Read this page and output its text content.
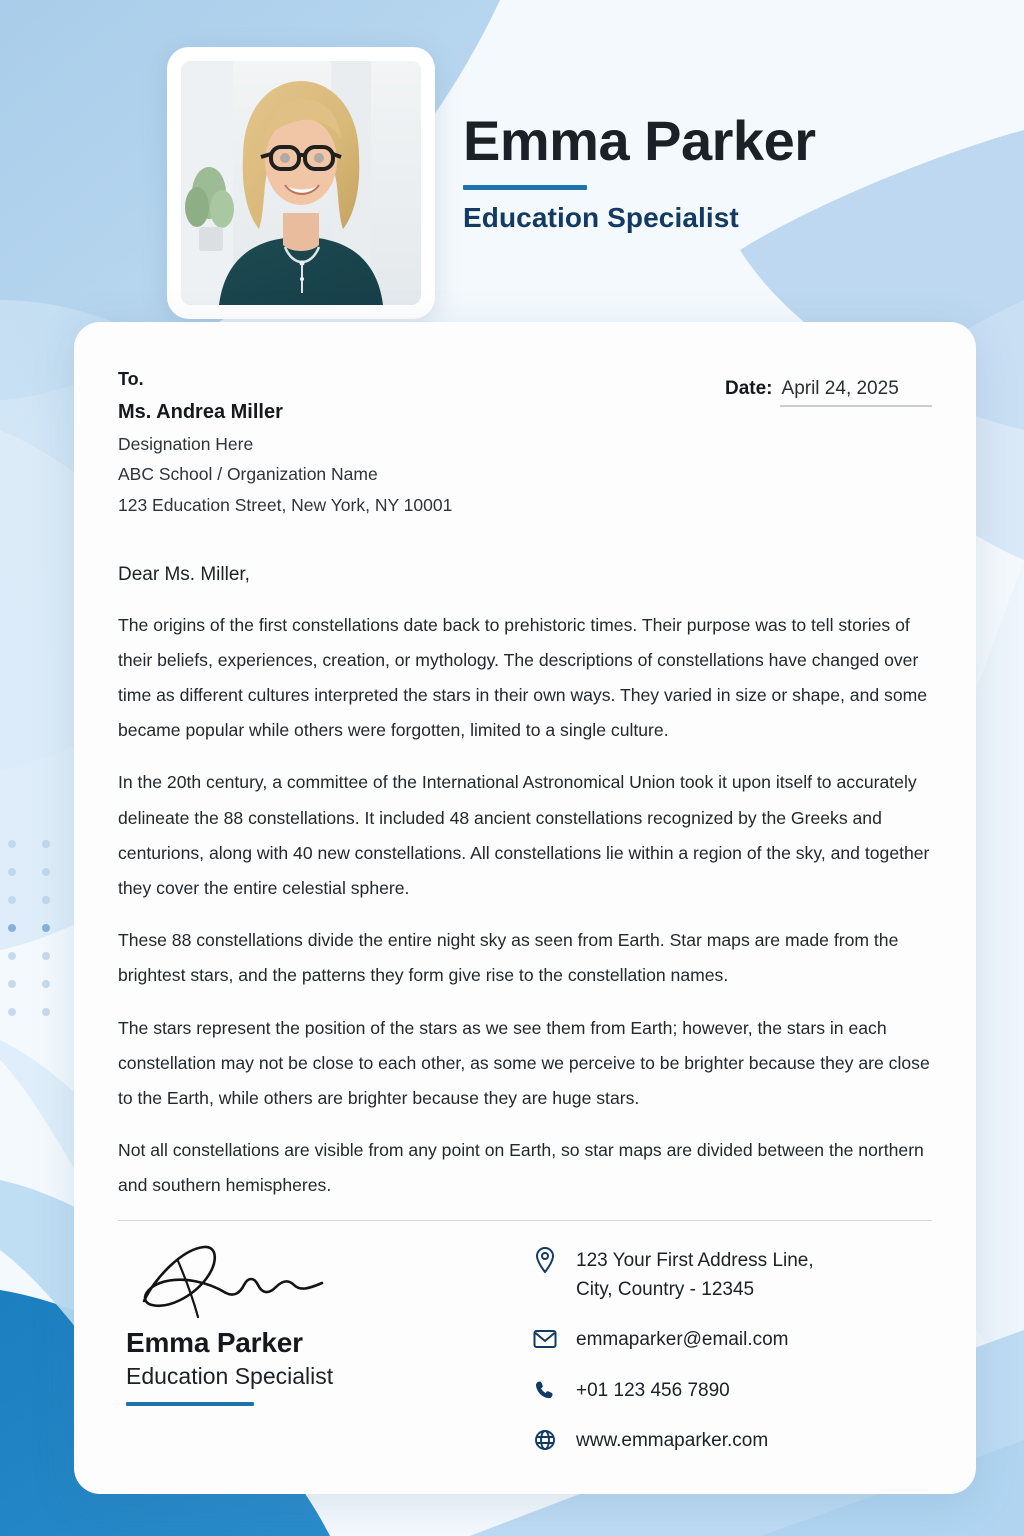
Emma Parker
Education Specialist
To.
Ms. Andrea Miller
Designation Here
ABC School / Organization Name
123 Education Street, New York, NY 10001
Date: April 24, 2025
Dear Ms. Miller,

The origins of the first constellations date back to prehistoric times. Their purpose was to tell stories of their beliefs, experiences, creation, or mythology. The descriptions of constellations have changed over time as different cultures interpreted the stars in their own ways. They varied in size or shape, and some became popular while others were forgotten, limited to a single culture.

In the 20th century, a committee of the International Astronomical Union took it upon itself to accurately delineate the 88 constellations. It included 48 ancient constellations recognized by the Greeks and centurions, along with 40 new constellations. All constellations lie within a region of the sky, and together they cover the entire celestial sphere.

These 88 constellations divide the entire night sky as seen from Earth. Star maps are made from the brightest stars, and the patterns they form give rise to the constellation names.

The stars represent the position of the stars as we see them from Earth; however, the stars in each constellation may not be close to each other, as some we perceive to be brighter because they are close to the Earth, while others are brighter because they are huge stars.

Not all constellations are visible from any point on Earth, so star maps are divided between the northern and southern hemispheres.

Emma Parker
Education Specialist
123 Your First Address Line,
City, Country - 12345
emmaparker@email.com
+01 123 456 7890
www.emmaparker.com
